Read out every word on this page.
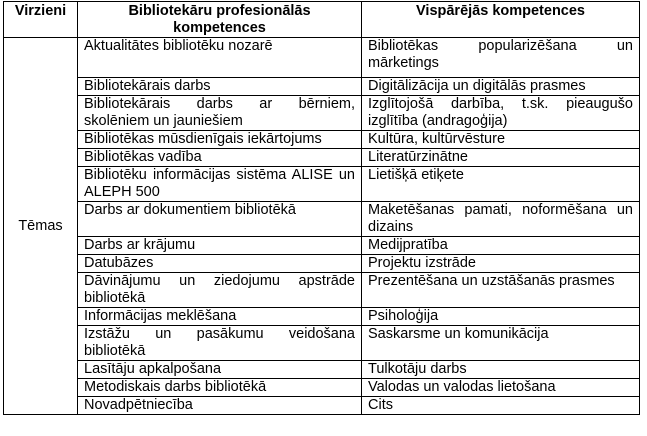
Virzieni	Bibliotekāru profesionālās kompetences	Vispārējās kompetences
Tēmas	Aktualitātes bibliotēku nozarē	Bibliotēkas popularizēšana un mārketings
	Bibliotekārais darbs	Digitālizācija un digitālās prasmes
	Bibliotekārais darbs ar bērniem, skolēniem un jauniešiem	Izglītojošā darbība, t.sk. pieaugušo izglītība (andragoģija)
	Bibliotēkas mūsdienīgais iekārtojums	Kultūra, kultūrvēsture
	Bibliotēkas vadība	Literatūrzinātne
	Bibliotēku informācijas sistēma ALISE un ALEPH 500	Lietišķā etiķete
	Darbs ar dokumentiem bibliotēkā	Maketēšanas pamati, noformēšana un dizains
	Darbs ar krājumu	Medijpratība
	Datubāzes	Projektu izstrāde
	Dāvinājumu un ziedojumu apstrāde bibliotēkā	Prezentēšana un uzstāšanās prasmes
	Informācijas meklēšana	Psiholoģija
	Izstāžu un pasākumu veidošana bibliotēkā	Saskarsme un komunikācija
	Lasītāju apkalpošana	Tulkotāju darbs
	Metodiskais darbs bibliotēkā	Valodas un valodas lietošana
	Novadpētniecība	Cits
